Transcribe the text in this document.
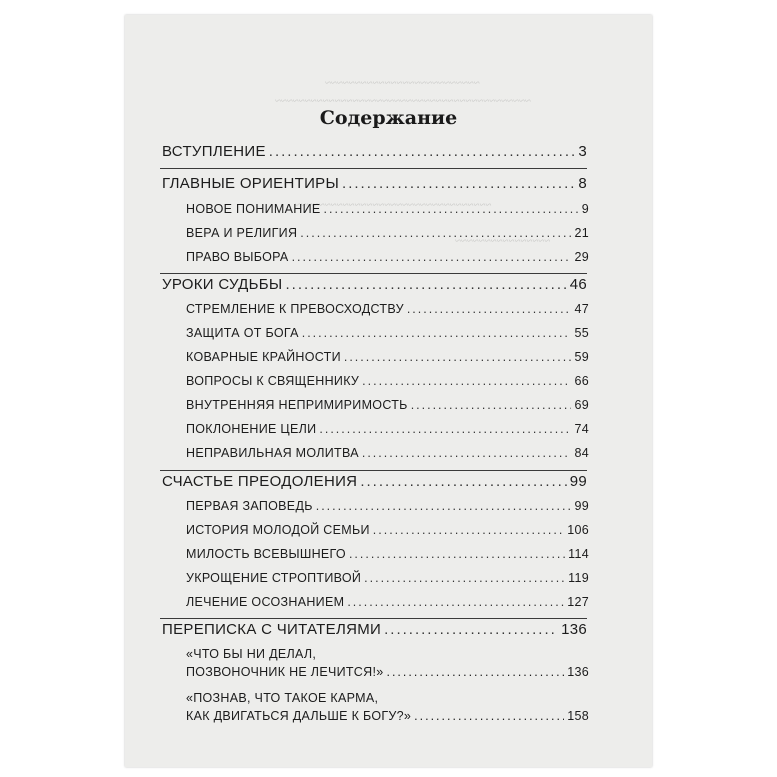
~~~~~~~~~~~~~~~~~~~~~~~~~~
~~~~~~~~~~~~~~~~~~~~~~~~~~~~~~~~~~~~~~~~~~~
~~~~~~~~~~~~~~~~~~~~~~~~~~~~~~~~~
~~~~~~~~~~~~~~~~
Содержание
ВСТУПЛЕНИЕ .....	3
ГЛАВНЫЕ ОРИЕНТИРЫ .....	8
НОВОЕ ПОНИМАНИЕ .....	9
ВЕРА И РЕЛИГИЯ .....	21
ПРАВО ВЫБОРА .....	29
УРОКИ СУДЬБЫ .....	46
СТРЕМЛЕНИЕ К ПРЕВОСХОДСТВУ .....	47
ЗАЩИТА ОТ БОГА .....	55
КОВАРНЫЕ КРАЙНОСТИ .....	59
ВОПРОСЫ К СВЯЩЕННИКУ .....	66
ВНУТРЕННЯЯ НЕПРИМИРИМОСТЬ .....	69
ПОКЛОНЕНИЕ ЦЕЛИ .....	74
НЕПРАВИЛЬНАЯ МОЛИТВА .....	84
СЧАСТЬЕ ПРЕОДОЛЕНИЯ .....	99
ПЕРВАЯ ЗАПОВЕДЬ .....	99
ИСТОРИЯ МОЛОДОЙ СЕМЬИ .....	106
МИЛОСТЬ ВСЕВЫШНЕГО .....	114
УКРОЩЕНИЕ СТРОПТИВОЙ .....	119
ЛЕЧЕНИЕ ОСОЗНАНИЕМ .....	127
ПЕРЕПИСКА С ЧИТАТЕЛЯМИ .....	136
«ЧТО БЫ НИ ДЕЛАЛ,
ПОЗВОНОЧНИК НЕ ЛЕЧИТСЯ!» .....	136
«ПОЗНАВ, ЧТО ТАКОЕ КАРМА,
КАК ДВИГАТЬСЯ ДАЛЬШЕ К БОГУ?» .....	158
